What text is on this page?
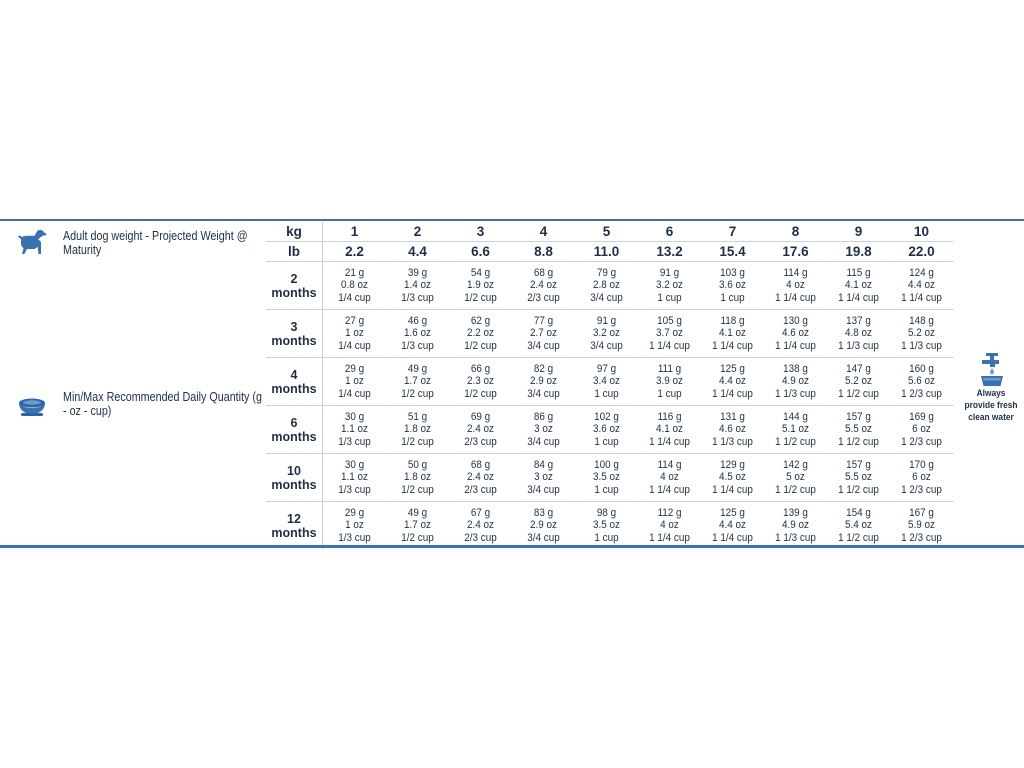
Adult dog weight - Projected Weight @ Maturity
Min/Max Recommended Daily Quantity (g - oz - cup)
Always provide fresh clean water
kg	1	2	3	4	5	6	7	8	9	10
lb	2.2	4.4	6.6	8.8	11.0	13.2	15.4	17.6	19.8	22.0

2
months	21 g
0.8 oz
1/4 cup	39 g
1.4 oz
1/3 cup	54 g
1.9 oz
1/2 cup	68 g
2.4 oz
2/3 cup	79 g
2.8 oz
3/4 cup	91 g
3.2 oz
1 cup	103 g
3.6 oz
1 cup	114 g
4 oz
1 1/4 cup	115 g
4.1 oz
1 1/4 cup	124 g
4.4 oz
1 1/4 cup

3
months	27 g
1 oz
1/4 cup	46 g
1.6 oz
1/3 cup	62 g
2.2 oz
1/2 cup	77 g
2.7 oz
3/4 cup	91 g
3.2 oz
3/4 cup	105 g
3.7 oz
1 1/4 cup	118 g
4.1 oz
1 1/4 cup	130 g
4.6 oz
1 1/4 cup	137 g
4.8 oz
1 1/3 cup	148 g
5.2 oz
1 1/3 cup

4
months	29 g
1 oz
1/4 cup	49 g
1.7 oz
1/2 cup	66 g
2.3 oz
1/2 cup	82 g
2.9 oz
3/4 cup	97 g
3.4 oz
1 cup	111 g
3.9 oz
1 cup	125 g
4.4 oz
1 1/4 cup	138 g
4.9 oz
1 1/3 cup	147 g
5.2 oz
1 1/2 cup	160 g
5.6 oz
1 2/3 cup

6
months	30 g
1.1 oz
1/3 cup	51 g
1.8 oz
1/2 cup	69 g
2.4 oz
2/3 cup	86 g
3 oz
3/4 cup	102 g
3.6 oz
1 cup	116 g
4.1 oz
1 1/4 cup	131 g
4.6 oz
1 1/3 cup	144 g
5.1 oz
1 1/2 cup	157 g
5.5 oz
1 1/2 cup	169 g
6 oz
1 2/3 cup

10
months	30 g
1.1 oz
1/3 cup	50 g
1.8 oz
1/2 cup	68 g
2.4 oz
2/3 cup	84 g
3 oz
3/4 cup	100 g
3.5 oz
1 cup	114 g
4 oz
1 1/4 cup	129 g
4.5 oz
1 1/4 cup	142 g
5 oz
1 1/2 cup	157 g
5.5 oz
1 1/2 cup	170 g
6 oz
1 2/3 cup

12
months	29 g
1 oz
1/3 cup	49 g
1.7 oz
1/2 cup	67 g
2.4 oz
2/3 cup	83 g
2.9 oz
3/4 cup	98 g
3.5 oz
1 cup	112 g
4 oz
1 1/4 cup	125 g
4.4 oz
1 1/4 cup	139 g
4.9 oz
1 1/3 cup	154 g
5.4 oz
1 1/2 cup	167 g
5.9 oz
1 2/3 cup
